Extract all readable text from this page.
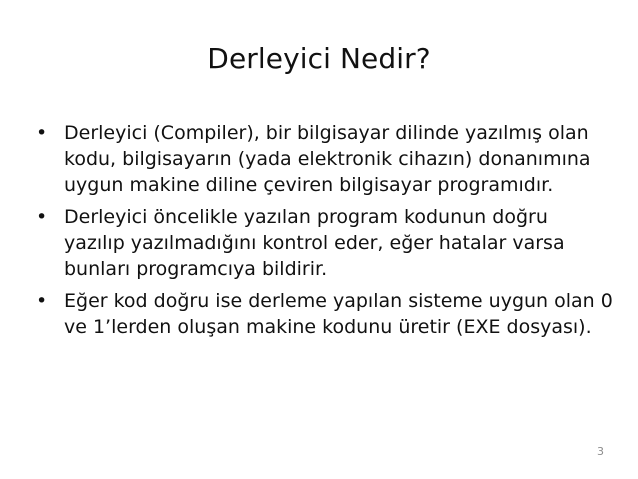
Derleyici Nedir?
• Derleyici (Compiler), bir bilgisayar dilinde yazılmış olan kodu, bilgisayarın (yada elektronik cihazın) donanımına uygun makine diline çeviren bilgisayar programıdır.
• Derleyici öncelikle yazılan program kodunun doğru yazılıp yazılmadığını kontrol eder, eğer hatalar varsa bunları programcıya bildirir.
• Eğer kod doğru ise derleme yapılan sisteme uygun olan 0 ve 1’lerden oluşan makine kodunu üretir (EXE dosyası).
3
